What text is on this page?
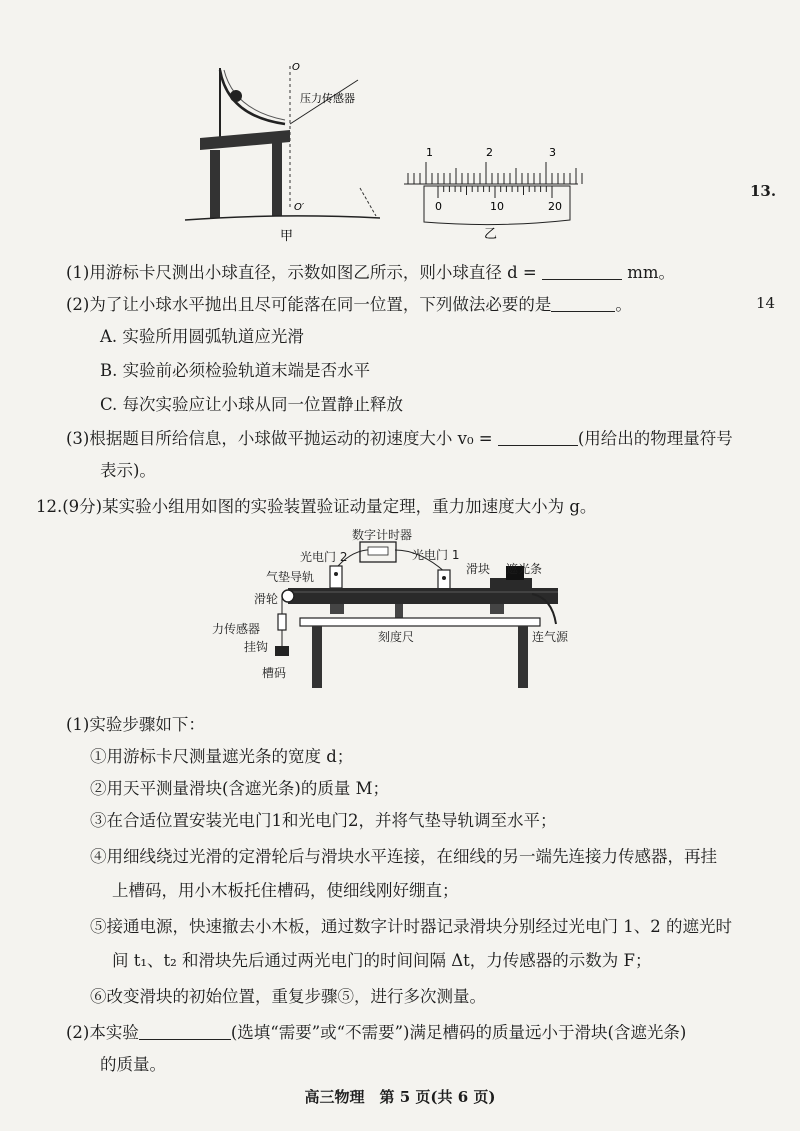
O
O′
压力传感器
甲
1	2	3
0	10	20
乙
13.
14
(1)用游标卡尺测出小球直径，示数如图乙所示，则小球直径 d =	mm。
(2)为了让小球水平抛出且尽可能落在同一位置，下列做法必要的是	。
A. 实验所用圆弧轨道应光滑
B. 实验前必须检验轨道末端是否水平
C. 每次实验应让小球从同一位置静止释放
(3)根据题目所给信息，小球做平抛运动的初速度大小 v₀ =	(用给出的物理量符号
表示)。
12.(9分)某实验小组用如图的实验装置验证动量定理，重力加速度大小为 g。
数字计时器
光电门 2	光电门 1
气垫导轨
滑块 遮光条
滑轮
力传感器
挂钩
槽码
刻度尺	连气源
(1)实验步骤如下：
①用游标卡尺测量遮光条的宽度 d；
②用天平测量滑块(含遮光条)的质量 M；
③在合适位置安装光电门1和光电门2，并将气垫导轨调至水平；
④用细线绕过光滑的定滑轮后与滑块水平连接，在细线的另一端先连接力传感器，再挂
上槽码，用小木板托住槽码，使细线刚好绷直；
⑤接通电源，快速撤去小木板，通过数字计时器记录滑块分别经过光电门 1、2 的遮光时
间 t₁、t₂ 和滑块先后通过两光电门的时间间隔 Δt，力传感器的示数为 F；
⑥改变滑块的初始位置，重复步骤⑤，进行多次测量。
(2)本实验	(选填“需要”或“不需要”)满足槽码的质量远小于滑块(含遮光条)
的质量。
高三物理　第 5 页(共 6 页)
